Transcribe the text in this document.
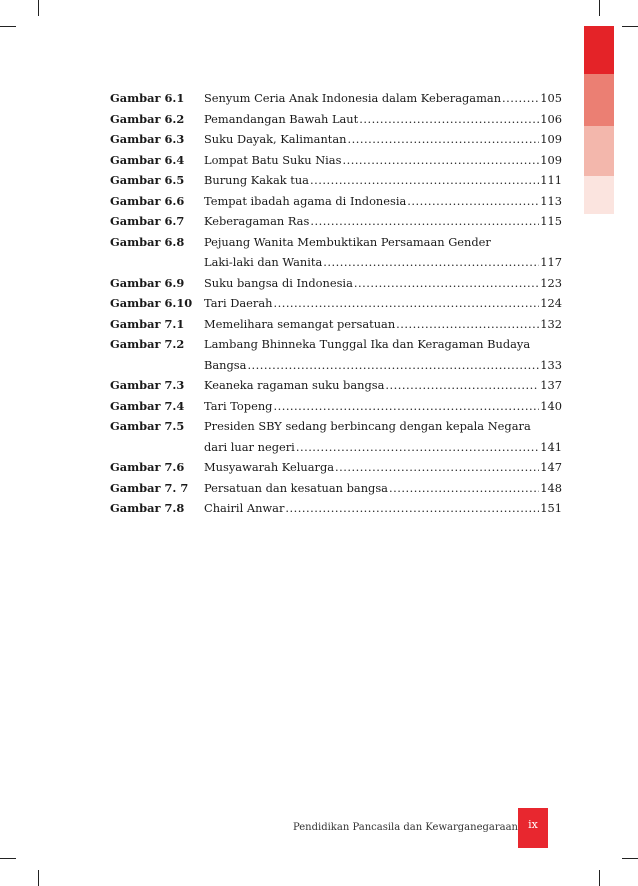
Gambar 6.1	Senyum Ceria Anak Indonesia dalam Keberagaman .....	105
Gambar 6.2	Pemandangan Bawah Laut .....	106
Gambar 6.3	Suku Dayak, Kalimantan .....	109
Gambar 6.4	Lompat Batu Suku Nias .....	109
Gambar 6.5	Burung Kakak tua .....	111
Gambar 6.6	Tempat ibadah agama di Indonesia .....	113
Gambar 6.7	Keberagaman Ras .....	115
Gambar 6.8	Pejuang Wanita Membuktikan Persamaan Gender
Laki-laki dan Wanita .....	117
Gambar 6.9	Suku bangsa di Indonesia .....	123
Gambar 6.10	Tari Daerah .....	124
Gambar 7.1	Memelihara semangat persatuan .....	132
Gambar 7.2	Lambang Bhinneka Tunggal Ika dan Keragaman Budaya
Bangsa .....	133
Gambar 7.3	Keaneka ragaman suku bangsa .....	137
Gambar 7.4	Tari Topeng .....	140
Gambar 7.5	Presiden SBY sedang berbincang dengan kepala Negara
dari luar negeri .....	141
Gambar 7.6	Musyawarah Keluarga .....	147
Gambar 7. 7	Persatuan dan kesatuan bangsa .....	148
Gambar 7.8	Chairil Anwar .....	151
Pendidikan Pancasila dan Kewarganegaraan ix
